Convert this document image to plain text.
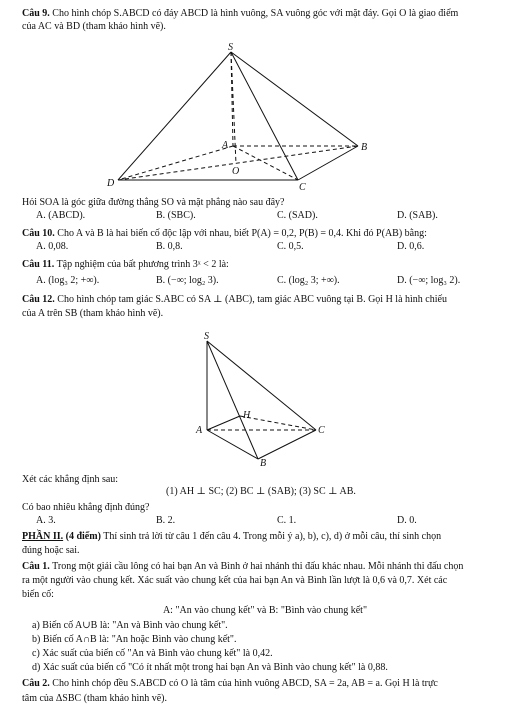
Câu 9. Cho hình chóp S.ABCD có đáy ABCD là hình vuông, SA vuông góc với mặt đáy. Gọi O là giao điểm
của AC và BD (tham khảo hình vẽ).
S
A	B
C
D
O
S
H
A	C
B
Hỏi SOA là góc giữa đường thẳng SO và mặt phẳng nào sau đây?
A. (ABCD).	B. (SBC).	C. (SAD).	D. (SAB).
Câu 10. Cho A và B là hai biến cố độc lập với nhau, biết P(A) = 0,2, P(B) = 0,4. Khi đó P(AB) bằng:
A. 0,08.	B. 0,8.	C. 0,5.	D. 0,6.
Câu 11. Tập nghiệm của bất phương trình 3ˣ < 2 là:
A. (log₃ 2; +∞).	B. (−∞; log₂ 3).	C. (log₂ 3; +∞).	D. (−∞; log₃ 2).
Câu 12. Cho hình chóp tam giác S.ABC có SA ⊥ (ABC), tam giác ABC vuông tại B. Gọi H là hình chiếu
của A trên SB (tham khảo hình vẽ).
Xét các khẳng định sau:
(1) AH ⊥ SC; (2) BC ⊥ (SAB); (3) SC ⊥ AB.
Có bao nhiêu khẳng định đúng?
A. 3.	B. 2.	C. 1.	D. 0.
PHẦN II. (4 điểm) Thí sinh trả lời từ câu 1 đến câu 4. Trong mỗi ý a), b), c), d) ở mỗi câu, thí sinh chọn
đúng hoặc sai.
Câu 1. Trong một giải cầu lông có hai bạn An và Bình ở hai nhánh thi đấu khác nhau. Mỗi nhánh thi đấu chọn
ra một người vào chung kết. Xác suất vào chung kết của hai bạn An và Bình lần lượt là 0,6 và 0,7. Xét các
biến cố:
A: "An vào chung kết" và B: "Bình vào chung kết"
a) Biến cố A∪B là: "An và Bình vào chung kết".
b) Biến cố A∩B là: "An hoặc Bình vào chung kết".
c) Xác suất của biến cố "An và Bình vào chung kết" là 0,42.
d) Xác suất của biến cố "Có ít nhất một trong hai bạn An và Bình vào chung kết" là 0,88.
Câu 2. Cho hình chóp đều S.ABCD có O là tâm của hình vuông ABCD, SA = 2a, AB = a. Gọi H là trực
tâm của ΔSBC (tham khảo hình vẽ).
